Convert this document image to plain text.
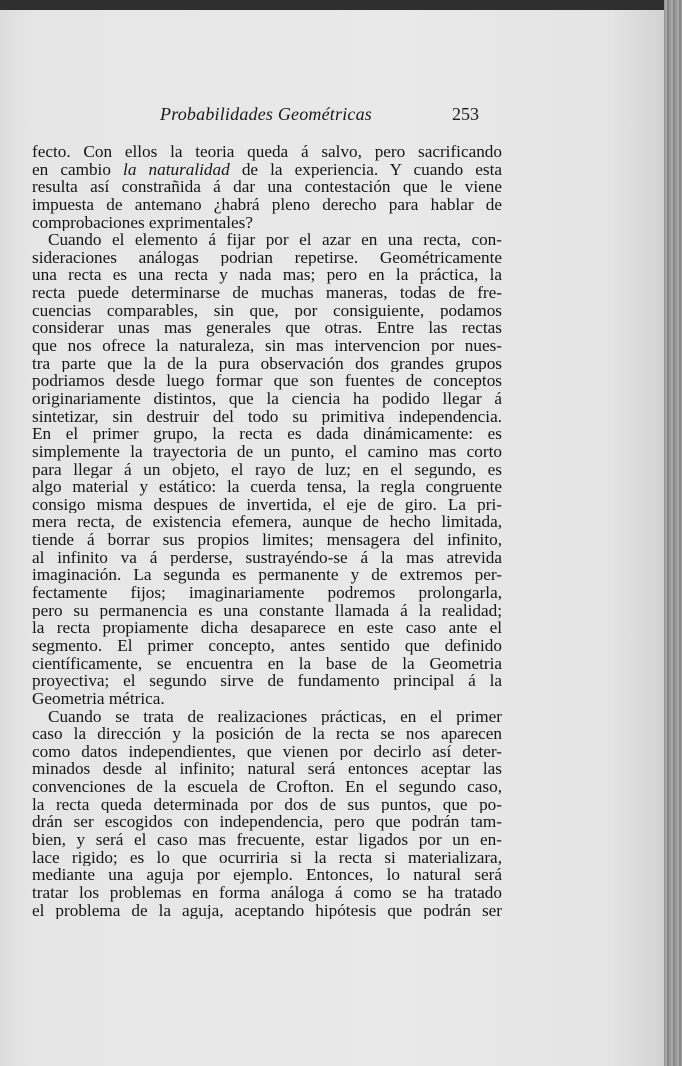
Probabilidades Geométricas	253
fecto. Con ellos la teoria queda á salvo, pero sacrificando
en cambio la naturalidad de la experiencia. Y cuando esta
resulta así constrañida á dar una contestación que le viene
impuesta de antemano ¿habrá pleno derecho para hablar de
comprobaciones exprimentales?
Cuando el elemento á fijar por el azar en una recta, con-
sideraciones análogas podrian repetirse. Geométricamente
una recta es una recta y nada mas; pero en la práctica, la
recta puede determinarse de muchas maneras, todas de fre-
cuencias comparables, sin que, por consiguiente, podamos
considerar unas mas generales que otras. Entre las rectas
que nos ofrece la naturaleza, sin mas intervencion por nues-
tra parte que la de la pura observación dos grandes grupos
podriamos desde luego formar que son fuentes de conceptos
originariamente distintos, que la ciencia ha podido llegar á
sintetizar, sin destruir del todo su primitiva independencia.
En el primer grupo, la recta es dada dinámicamente: es
simplemente la trayectoria de un punto, el camino mas corto
para llegar á un objeto, el rayo de luz; en el segundo, es
algo material y estático: la cuerda tensa, la regla congruente
consigo misma despues de invertida, el eje de giro. La pri-
mera recta, de existencia efemera, aunque de hecho limitada,
tiende á borrar sus propios limites; mensagera del infinito,
al infinito va á perderse, sustrayéndo-se á la mas atrevida
imaginación. La segunda es permanente y de extremos per-
fectamente fijos; imaginariamente podremos prolongarla,
pero su permanencia es una constante llamada á la realidad;
la recta propiamente dicha desaparece en este caso ante el
segmento. El primer concepto, antes sentido que definido
científicamente, se encuentra en la base de la Geometria
proyectiva; el segundo sirve de fundamento principal á la
Geometria métrica.
Cuando se trata de realizaciones prácticas, en el primer
caso la dirección y la posición de la recta se nos aparecen
como datos independientes, que vienen por decirlo así deter-
minados desde al infinito; natural será entonces aceptar las
convenciones de la escuela de Crofton. En el segundo caso,
la recta queda determinada por dos de sus puntos, que po-
drán ser escogidos con independencia, pero que podrán tam-
bien, y será el caso mas frecuente, estar ligados por un en-
lace rigido; es lo que ocurriria si la recta si materializara,
mediante una aguja por ejemplo. Entonces, lo natural será
tratar los problemas en forma análoga á como se ha tratado
el problema de la aguja, aceptando hipótesis que podrán ser
